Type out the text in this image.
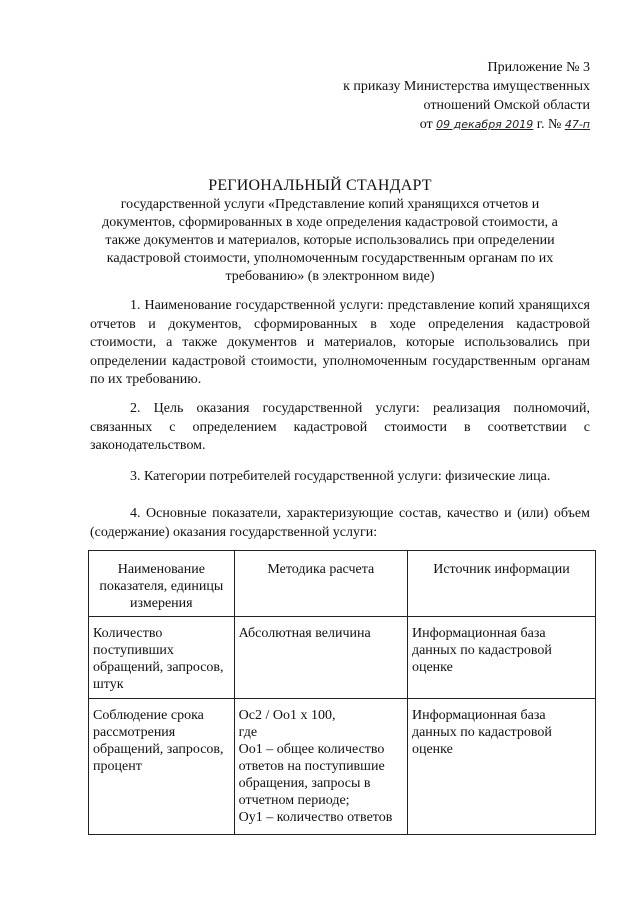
Приложение № 3
к приказу Министерства имущественных
отношений Омской области
от 09 декабря 2019 г. № 47-п
РЕГИОНАЛЬНЫЙ СТАНДАРТ
государственной услуги «Представление копий хранящихся отчетов и документов, сформированных в ходе определения кадастровой стоимости, а также документов и материалов, которые использовались при определении кадастровой стоимости, уполномоченным государственным органам по их требованию» (в электронном виде)
1. Наименование государственной услуги: представление копий хранящихся отчетов и документов, сформированных в ходе определения кадастровой стоимости, а также документов и материалов, которые использовались при определении кадастровой стоимости, уполномоченным государственным органам по их требованию.
2. Цель оказания государственной услуги: реализация полномочий, связанных с определением кадастровой стоимости в соответствии с законодательством.
3. Категории потребителей государственной услуги: физические лица.
4. Основные показатели, характеризующие состав, качество и (или) объем (содержание) оказания государственной услуги:
Наименование показателя, единицы измерения	Методика расчета	Источник информации
Количество поступивших обращений, запросов, штук	Абсолютная величина	Информационная база данных по кадастровой оценке
Соблюдение срока рассмотрения обращений, запросов, процент	Ос2 / Оо1 х 100,
где
Оо1 – общее количество ответов на поступившие обращения, запросы в отчетном периоде;
Оу1 – количество ответов	Информационная база данных по кадастровой оценке
